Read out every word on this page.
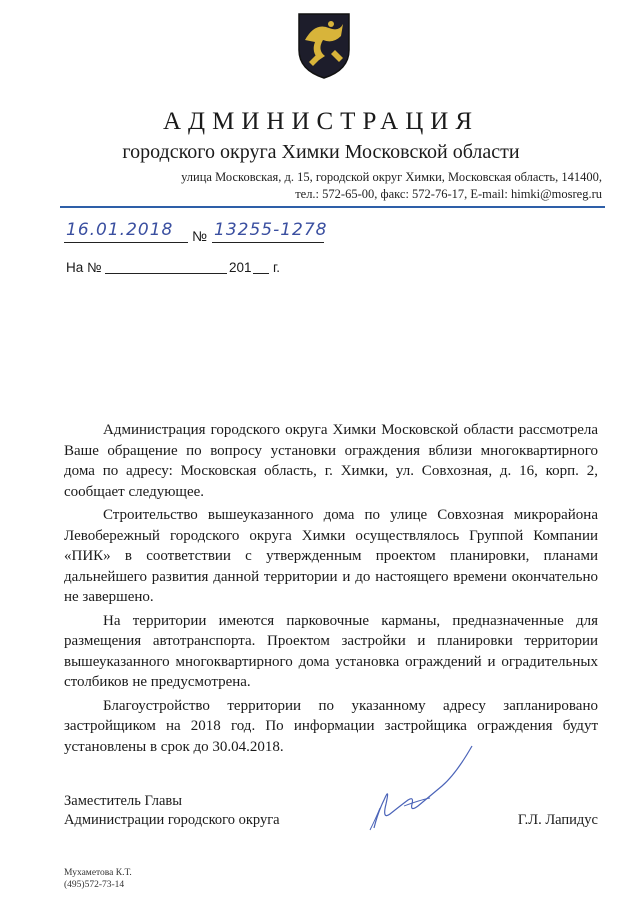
АДМИНИСТРАЦИЯ
городского округа Химки Московской области
улица Московская, д. 15, городской округ Химки, Московская область, 141400,
тел.: 572-65-00, факс: 572-76-17, E-mail: himki@mosreg.ru
16.01.2018 № 13255-1278
На №	201 г.

Администрация городского округа Химки Московской области рассмотрела Ваше обращение по вопросу установки ограждения вблизи многоквартирного дома по адресу: Московская область, г. Химки, ул. Совхозная, д. 16, корп. 2, сообщает следующее.

Строительство вышеуказанного дома по улице Совхозная микрорайона Левобережный городского округа Химки осуществлялось Группой Компании «ПИК» в соответствии с утвержденным проектом планировки, планами дальнейшего развития данной территории и до настоящего времени окончательно не завершено.

На территории имеются парковочные карманы, предназначенные для размещения автотранспорта. Проектом застройки и планировки территории вышеуказанного многоквартирного дома установка ограждений и оградительных столбиков не предусмотрена.

Благоустройство территории по указанному адресу запланировано застройщиком на 2018 год. По информации застройщика ограждения будут установлены в срок до 30.04.2018.

Заместитель Главы
Администрации городского округа	Г.Л. Лапидус
Мухаметова К.Т.
(495)572-73-14
